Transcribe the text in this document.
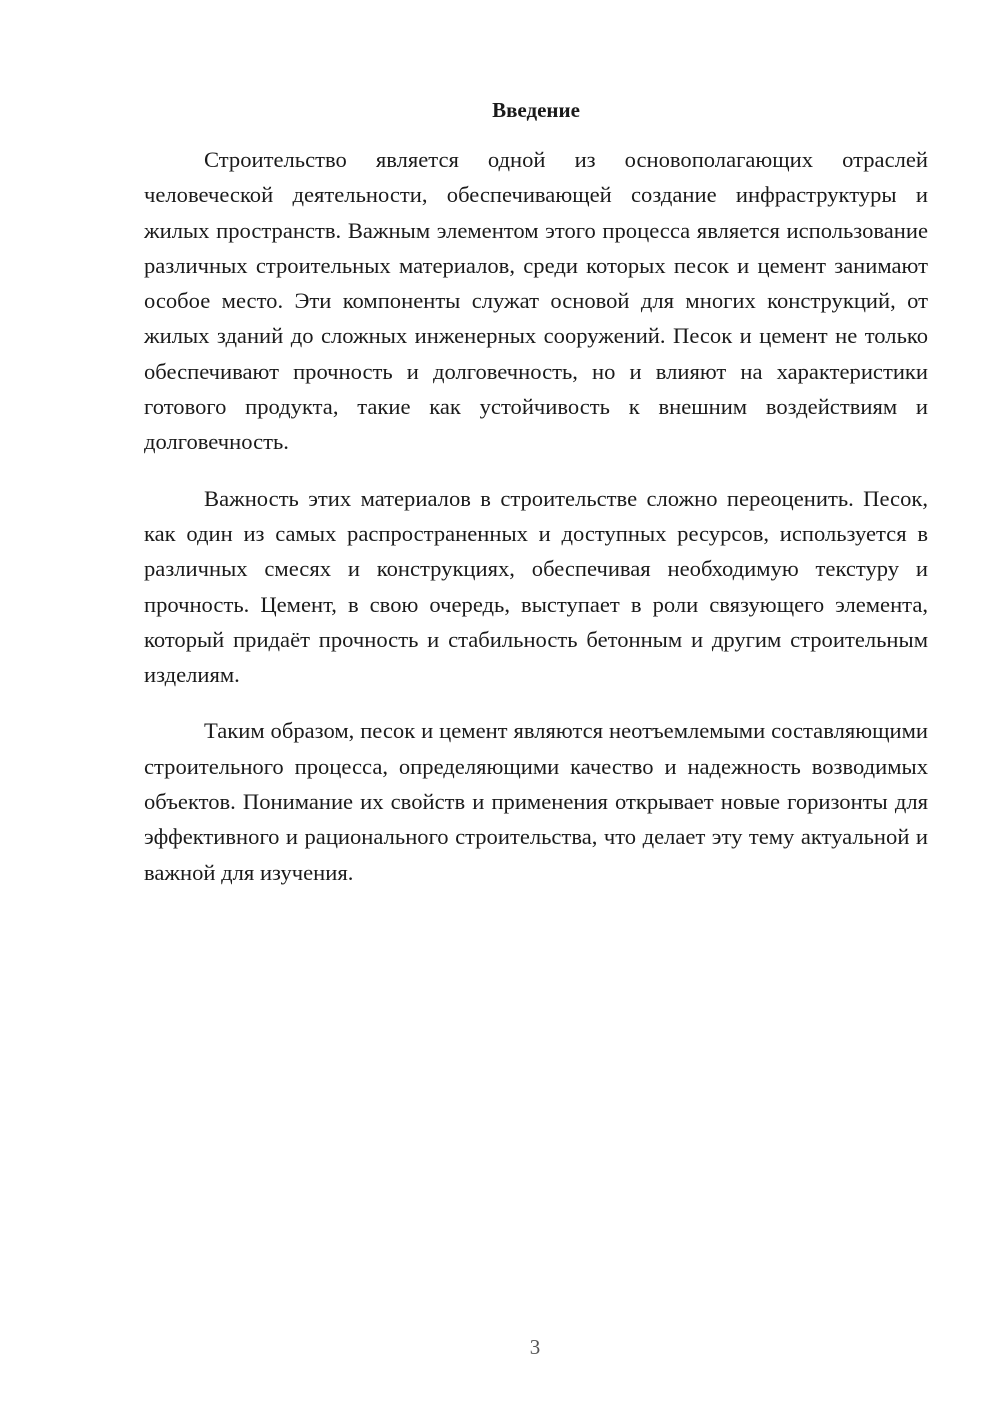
Введение

Строительство является одной из основополагающих отраслей человеческой деятельности, обеспечивающей создание инфраструктуры и жилых пространств. Важным элементом этого процесса является использование различных строительных материалов, среди которых песок и цемент занимают особое место. Эти компоненты служат основой для многих конструкций, от жилых зданий до сложных инженерных сооружений. Песок и цемент не только обеспечивают прочность и долговечность, но и влияют на характеристики готового продукта, такие как устойчивость к внешним воздействиям и долговечность.

Важность этих материалов в строительстве сложно переоценить. Песок, как один из самых распространенных и доступных ресурсов, используется в различных смесях и конструкциях, обеспечивая необходимую текстуру и прочность. Цемент, в свою очередь, выступает в роли связующего элемента, который придаёт прочность и стабильность бетонным и другим строительным изделиям.

Таким образом, песок и цемент являются неотъемлемыми составляющими строительного процесса, определяющими качество и надежность возводимых объектов. Понимание их свойств и применения открывает новые горизонты для эффективного и рационального строительства, что делает эту тему актуальной и важной для изучения.

3
